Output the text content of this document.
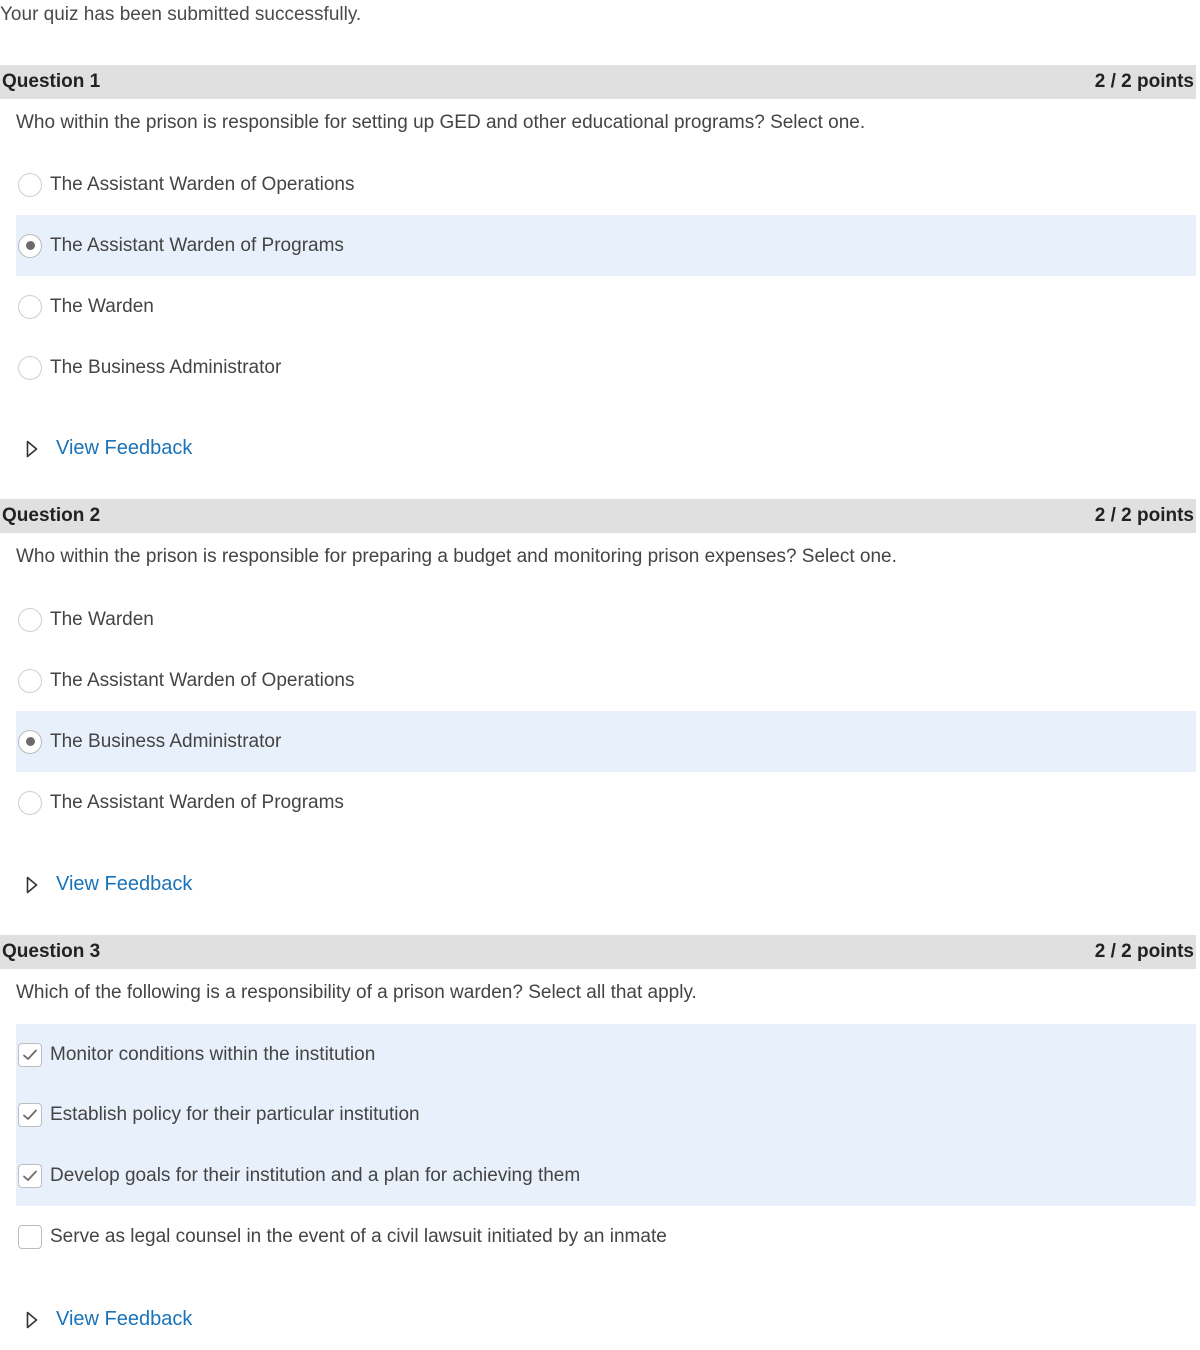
Your quiz has been submitted successfully.
Question 1	2 / 2 points
Who within the prison is responsible for setting up GED and other educational programs? Select one.
The Assistant Warden of Operations
The Assistant Warden of Programs
The Warden
The Business Administrator
View Feedback
Question 2	2 / 2 points
Who within the prison is responsible for preparing a budget and monitoring prison expenses? Select one.
The Warden
The Assistant Warden of Operations
The Business Administrator
The Assistant Warden of Programs
View Feedback
Question 3	2 / 2 points
Which of the following is a responsibility of a prison warden? Select all that apply.
Monitor conditions within the institution
Establish policy for their particular institution
Develop goals for their institution and a plan for achieving them
Serve as legal counsel in the event of a civil lawsuit initiated by an inmate
View Feedback
